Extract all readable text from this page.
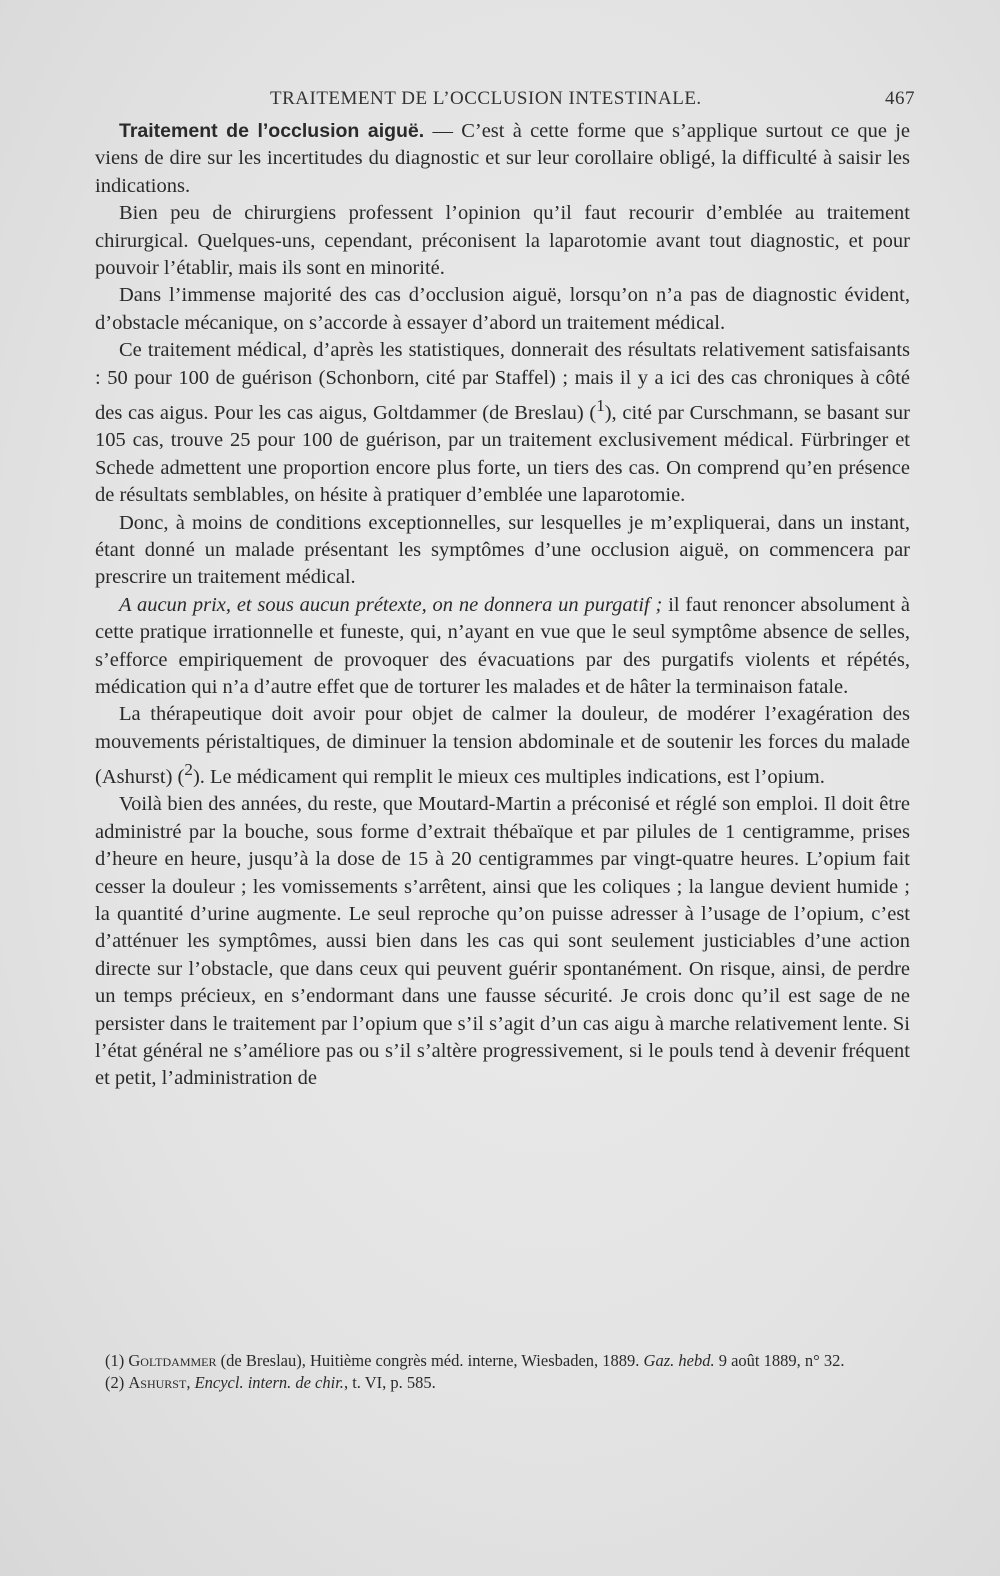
TRAITEMENT DE L’OCCLUSION INTESTINALE.	467

Traitement de l’occlusion aiguë. — C’est à cette forme que s’applique surtout ce que je viens de dire sur les incertitudes du diagnostic et sur leur corollaire obligé, la difficulté à saisir les indications.

Bien peu de chirurgiens professent l’opinion qu’il faut recourir d’emblée au traitement chirurgical. Quelques-uns, cependant, préconisent la laparotomie avant tout diagnostic, et pour pouvoir l’établir, mais ils sont en minorité.

Dans l’immense majorité des cas d’occlusion aiguë, lorsqu’on n’a pas de diagnostic évident, d’obstacle mécanique, on s’accorde à essayer d’abord un traitement médical.

Ce traitement médical, d’après les statistiques, donnerait des résultats relativement satisfaisants : 50 pour 100 de guérison (Schonborn, cité par Staffel) ; mais il y a ici des cas chroniques à côté des cas aigus. Pour les cas aigus, Goltdammer (de Breslau) ($^1$), cité par Curschmann, se basant sur 105 cas, trouve 25 pour 100 de guérison, par un traitement exclusivement médical. Fürbringer et Schede admettent une proportion encore plus forte, un tiers des cas. On comprend qu’en présence de résultats semblables, on hésite à pratiquer d’emblée une laparotomie.

Donc, à moins de conditions exceptionnelles, sur lesquelles je m’expliquerai, dans un instant, étant donné un malade présentant les symptômes d’une occlusion aiguë, on commencera par prescrire un traitement médical.

A aucun prix, et sous aucun prétexte, on ne donnera un purgatif ; il faut renoncer absolument à cette pratique irrationnelle et funeste, qui, n’ayant en vue que le seul symptôme absence de selles, s’efforce empiriquement de provoquer des évacuations par des purgatifs violents et répétés, médication qui n’a d’autre effet que de torturer les malades et de hâter la terminaison fatale.

La thérapeutique doit avoir pour objet de calmer la douleur, de modérer l’exagération des mouvements péristaltiques, de diminuer la tension abdominale et de soutenir les forces du malade (Ashurst) ($^2$). Le médicament qui remplit le mieux ces multiples indications, est l’opium.

Voilà bien des années, du reste, que Moutard-Martin a préconisé et réglé son emploi. Il doit être administré par la bouche, sous forme d’extrait thébaïque et par pilules de 1 centigramme, prises d’heure en heure, jusqu’à la dose de 15 à 20 centigrammes par vingt-quatre heures. L’opium fait cesser la douleur ; les vomissements s’arrêtent, ainsi que les coliques ; la langue devient humide ; la quantité d’urine augmente. Le seul reproche qu’on puisse adresser à l’usage de l’opium, c’est d’atténuer les symptômes, aussi bien dans les cas qui sont seulement justiciables d’une action directe sur l’obstacle, que dans ceux qui peuvent guérir spontanément. On risque, ainsi, de perdre un temps précieux, en s’endormant dans une fausse sécurité. Je crois donc qu’il est sage de ne persister dans le traitement par l’opium que s’il s’agit d’un cas aigu à marche relativement lente. Si l’état général ne s’améliore pas ou s’il s’altère progressivement, si le pouls tend à devenir fréquent et petit, l’administration de

(1) Goltdammer (de Breslau), Huitième congrès méd. interne, Wiesbaden, 1889. Gaz. hebd. 9 août 1889, n° 32.

(2) Ashurst, Encycl. intern. de chir., t. VI, p. 585.
